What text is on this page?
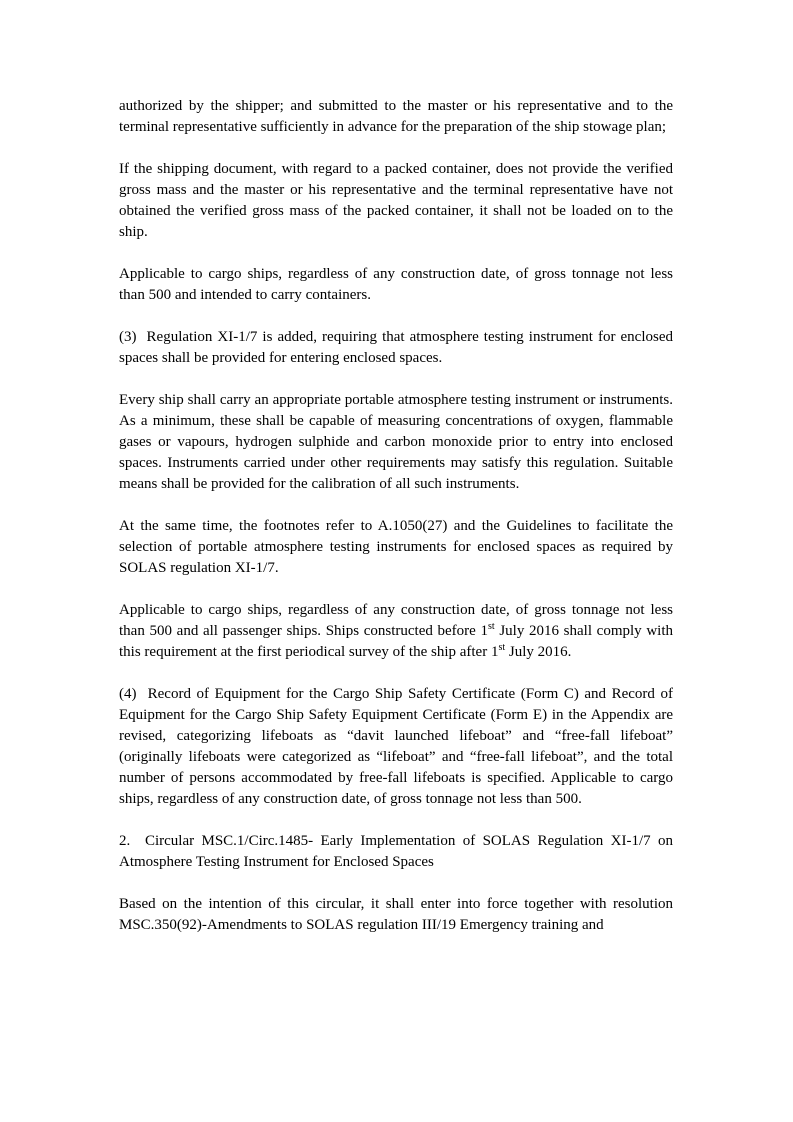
authorized by the shipper; and submitted to the master or his representative and to the terminal representative sufficiently in advance for the preparation of the ship stowage plan;

If the shipping document, with regard to a packed container, does not provide the verified gross mass and the master or his representative and the terminal representative have not obtained the verified gross mass of the packed container, it shall not be loaded on to the ship.

Applicable to cargo ships, regardless of any construction date, of gross tonnage not less than 500 and intended to carry containers.

(3)  Regulation XI-1/7 is added, requiring that atmosphere testing instrument for enclosed spaces shall be provided for entering enclosed spaces.

Every ship shall carry an appropriate portable atmosphere testing instrument or instruments. As a minimum, these shall be capable of measuring concentrations of oxygen, flammable gases or vapours, hydrogen sulphide and carbon monoxide prior to entry into enclosed spaces. Instruments carried under other requirements may satisfy this regulation. Suitable means shall be provided for the calibration of all such instruments.

At the same time, the footnotes refer to A.1050(27) and the Guidelines to facilitate the selection of portable atmosphere testing instruments for enclosed spaces as required by SOLAS regulation XI-1/7.

Applicable to cargo ships, regardless of any construction date, of gross tonnage not less than 500 and all passenger ships. Ships constructed before 1st July 2016 shall comply with this requirement at the first periodical survey of the ship after 1st July 2016.

(4)  Record of Equipment for the Cargo Ship Safety Certificate (Form C) and Record of Equipment for the Cargo Ship Safety Equipment Certificate (Form E) in the Appendix are revised, categorizing lifeboats as “davit launched lifeboat” and “free-fall lifeboat” (originally lifeboats were categorized as “lifeboat” and “free-fall lifeboat”, and the total number of persons accommodated by free-fall lifeboats is specified. Applicable to cargo ships, regardless of any construction date, of gross tonnage not less than 500.

2.  Circular MSC.1/Circ.1485- Early Implementation of SOLAS Regulation XI-1/7 on Atmosphere Testing Instrument for Enclosed Spaces

Based on the intention of this circular, it shall enter into force together with resolution MSC.350(92)-Amendments to SOLAS regulation III/19 Emergency training and
